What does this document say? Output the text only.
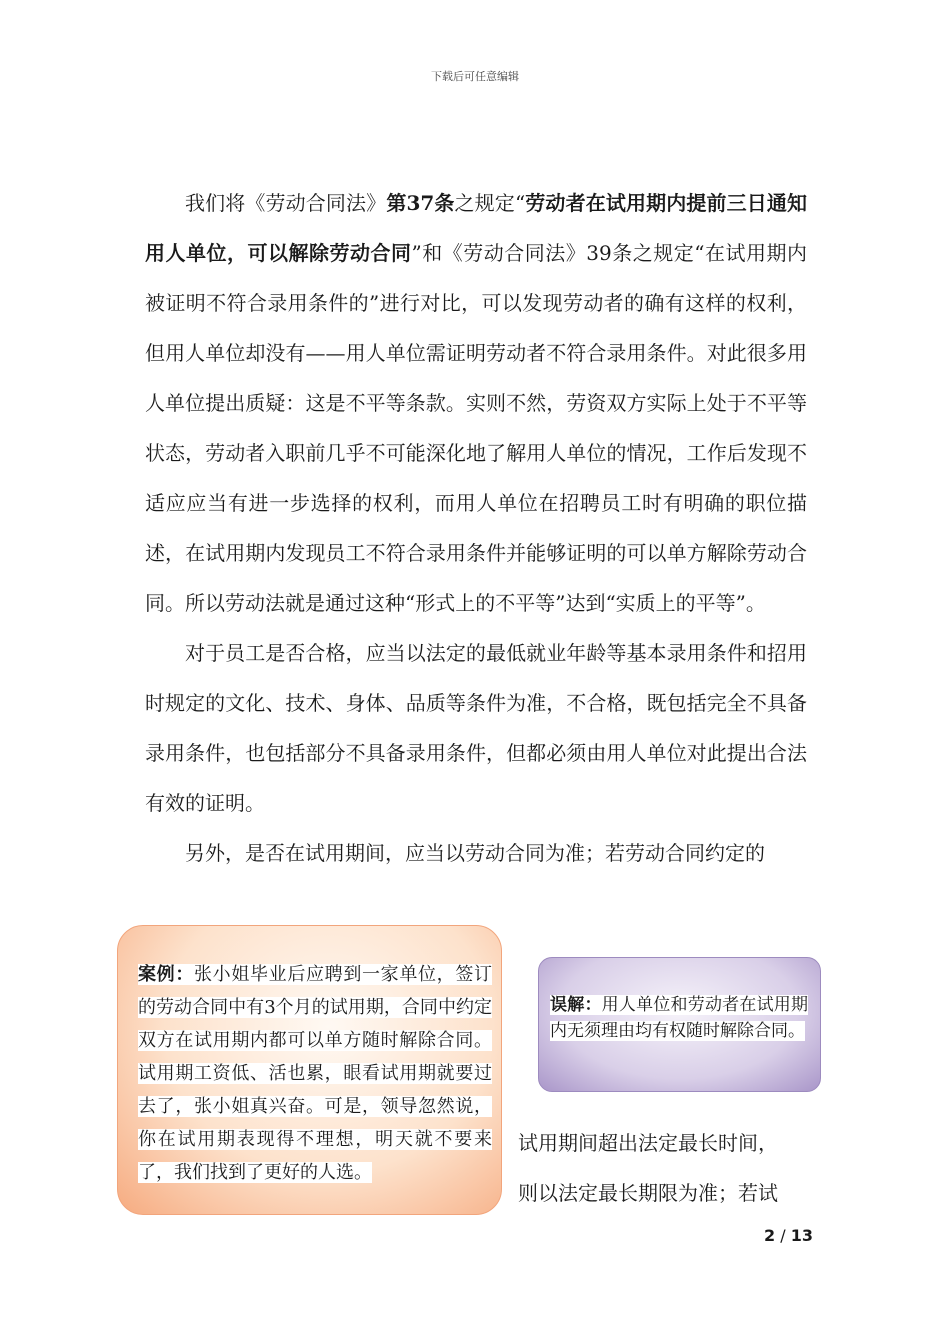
下载后可任意编辑

我们将《劳动合同法》第37条之规定“劳动者在试用期内提前三日通知用人单位，可以解除劳动合同”和《劳动合同法》39条之规定“在试用期内被证明不符合录用条件的”进行对比，可以发现劳动者的确有这样的权利，但用人单位却没有——用人单位需证明劳动者不符合录用条件。对此很多用人单位提出质疑：这是不平等条款。实则不然，劳资双方实际上处于不平等状态，劳动者入职前几乎不可能深化地了解用人单位的情况，工作后发现不适应应当有进一步选择的权利，而用人单位在招聘员工时有明确的职位描述，在试用期内发现员工不符合录用条件并能够证明的可以单方解除劳动合同。所以劳动法就是通过这种“形式上的不平等”达到“实质上的平等”。

对于员工是否合格，应当以法定的最低就业年龄等基本录用条件和招用时规定的文化、技术、身体、品质等条件为准，不合格，既包括完全不具备录用条件，也包括部分不具备录用条件，但都必须由用人单位对此提出合法有效的证明。

另外，是否在试用期间，应当以劳动合同为准；若劳动合同约定的

案例：张小姐毕业后应聘到一家单位，签订的劳动合同中有3个月的试用期，合同中约定双方在试用期内都可以单方随时解除合同。试用期工资低、活也累，眼看试用期就要过去了，张小姐真兴奋。可是，领导忽然说，你在试用期表现得不理想，明天就不要来了，我们找到了更好的人选。
误解：用人单位和劳动者在试用期内无须理由均有权随时解除合同。

试用期间超出法定最长时间，

则以法定最长期限为准；若试

2 / 13
